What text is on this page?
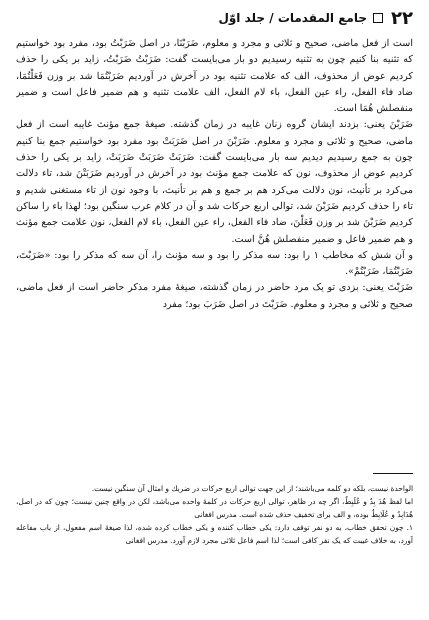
۲۲
جامع المقدمات / جلد اوّل

است از فعل ماضی، صحیح و ثلاثی و مجرد و معلوم، ضَرَبْنَا، در اصل ضَرَبْتُ بود، مفرد بود خواستیم که تثنیه بنا کنیم چون به تثنیه رسیدیم دو بار می‌بایست گفت: ضَرَبْتُ ضَرَبْتُ، زاید بر یکی را حذف کردیم عوض از محذوف، الف که علامت تثنیه بود در آخرش در آوردیم ضَرَبْتُمَا شد بر وزن فَعَلْتُمَا، ضاد فاء الفعل، راء عین الفعل، باء لام الفعل، الف علامت تثنیه و هم ضمیر فاعل است و ضمیر منفصلش هُمَا است.

ضَرَبْنَ یعنی: بزدند ایشان گروه زنان غایبه در زمان گذشته. صیغهٔ جمع مؤنث غایبه است از فعل ماضی، صحیح و ثلاثی و مجرد و معلوم. ضَرَبْنَ در اصل ضَرَبَتْ بود مفرد بود خواستیم جمع بنا کنیم چون به جمع رسیدیم دیدیم سه بار می‌بایست گفت: ضَرَبَتْ ضَرَبَتْ ضَرَبَتْ، زاید بر یکی را حذف کردیم عوض از محذوف، نون که علامت جمع مؤنث بود در آخرش در آوردیم ضَرَبَتْنَ شد، تاء دلالت می‌کرد بر تأنیث، نون دلالت می‌کرد هم بر جمع و هم بر تأنیث، با وجود نون از تاء مستغنی شدیم و تاء را حذف کردیم ضَرَبْنَ شد، توالی اربع حرکات شد و آن در کلام عرب سنگین بود؛ لهذا باء را ساکن کردیم ضَرَبْنَ شد بر وزن فَعَلْنَ، ضاد فاء الفعل، راء عین الفعل، باء لام الفعل، نون علامت جمع مؤنث و هم ضمیر فاعل و ضمیر منفصلش هُنَّ است.

و آن شش که مخاطب ۱ را بود: سه مذکر را بود و سه مؤنث را، آن سه که مذکر را بود: «ضَرَبْتَ، ضَرَبْتُمَا، ضَرَبْتُمْ».

ضَرَبْتَ یعنی: بزدی تو یک مرد حاضر در زمان گذشته، صیغهٔ مفرد مذکر حاضر است از فعل ماضی، صحیح و ثلاثی و مجرد و معلوم. ضَرَبْتَ در اصل ضَرَبَ بود؛ مفرد

الواحدة نیست، بلکه دو کلمه می‌باشند؛ از این جهت توالی اربع حرکات در ضربك و امثال آن سنگین نیست.

اما لفظ هُدَ بِدٌ و عُلَبِطٌ، اگر چه در ظاهر، توالی اربع حرکات در کلمهٔ واحده می‌باشد، لکن در واقع چنین نیست؛ چون که در اصل، هُدَابِدٌ و عُلَابِطٌ بوده، و الف برای تخفیف حذف شده است. مدرس افغانی

۱. چون تحقق خطاب، به دو نفر توقف دارد: یکی خطاب کننده و یکی خطاب کرده شده، لذا صیغهٔ اسم مفعول، از باب مفاعله آورد، به خلاف غیبت که یک نفر کافی است؛ لذا اسم فاعل ثلاثی مجرد لازم آورد. مدرس افغانی
